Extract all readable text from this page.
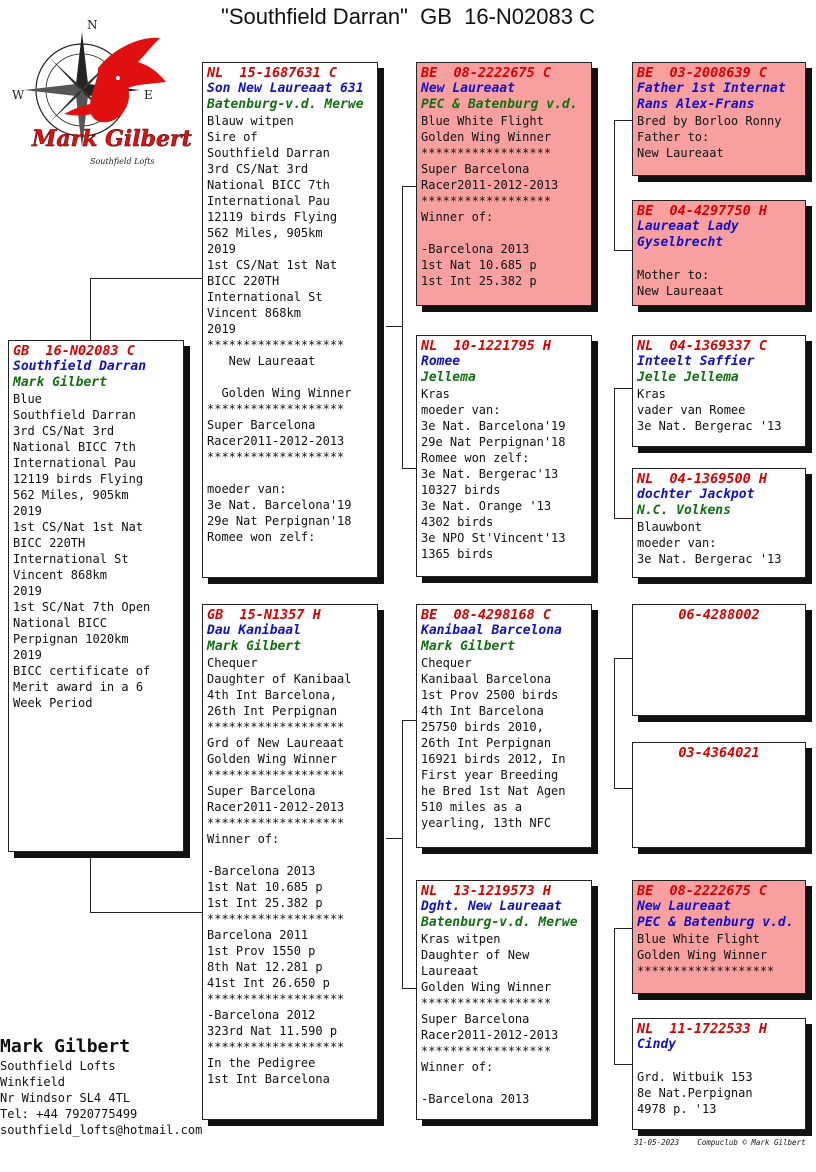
"Southfield Darran"  GB  16-N02083 C
N
W	E
Mark Gilbert
Southfield Lofts
GB  16-N02083 C
Southfield Darran
Mark Gilbert
Blue
Southfield Darran
3rd CS/Nat 3rd
National BICC 7th
International Pau
12119 birds Flying
562 Miles, 905km
2019
1st CS/Nat 1st Nat
BICC 220TH
International St
Vincent 868km
2019
1st SC/Nat 7th Open
National BICC
Perpignan 1020km
2019
BICC certificate of
Merit award in a 6
Week Period
NL  15-1687631 C
Son New Laureaat 631
Batenburg-v.d. Merwe
Blauw witpen
Sire of
Southfield Darran
3rd CS/Nat 3rd
National BICC 7th
International Pau
12119 birds Flying
562 Miles, 905km
2019
1st CS/Nat 1st Nat
BICC 220TH
International St
Vincent 868km
2019
*******************
New Laureaat
Golden Wing Winner
*******************
Super Barcelona
Racer2011-2012-2013
*******************
moeder van:
3e Nat. Barcelona'19
29e Nat Perpignan'18
Romee won zelf:
GB  15-N1357 H
Dau Kanibaal
Mark Gilbert
Chequer
Daughter of Kanibaal
4th Int Barcelona,
26th Int Perpignan
*******************
Grd of New Laureaat
Golden Wing Winner
*******************
Super Barcelona
Racer2011-2012-2013
*******************
Winner of:
-Barcelona 2013
1st Nat 10.685 p
1st Int 25.382 p
*******************
Barcelona 2011
1st Prov 1550 p
8th Nat 12.281 p
41st Int 26.650 p
*******************
-Barcelona 2012
323rd Nat 11.590 p
*******************
In the Pedigree
1st Int Barcelona
BE  08-2222675 C
New Laureaat
PEC & Batenburg v.d.
Blue White Flight
Golden Wing Winner
******************
Super Barcelona
Racer2011-2012-2013
******************
Winner of:
-Barcelona 2013
1st Nat 10.685 p
1st Int 25.382 p
NL  10-1221795 H
Romee
Jellema
Kras
moeder van:
3e Nat. Barcelona'19
29e Nat Perpignan'18
Romee won zelf:
3e Nat. Bergerac'13
10327 birds
3e Nat. Orange '13
4302 birds
3e NPO St'Vincent'13
1365 birds
BE  08-4298168 C
Kanibaal Barcelona
Mark Gilbert
Chequer
Kanibaal Barcelona
1st Prov 2500 birds
4th Int Barcelona
25750 birds 2010,
26th Int Perpignan
16921 birds 2012, In
First year Breeding
he Bred 1st Nat Agen
510 miles as a
yearling, 13th NFC
NL  13-1219573 H
Dght. New Laureaat
Batenburg-v.d. Merwe
Kras witpen
Daughter of New
Laureaat
Golden Wing Winner
******************
Super Barcelona
Racer2011-2012-2013
******************
Winner of:
-Barcelona 2013
BE  03-2008639 C
Father 1st Internat
Rans Alex-Frans
Bred by Borloo Ronny
Father to:
New Laureaat
BE  04-4297750 H
Laureaat Lady
Gyselbrecht
Mother to:
New Laureaat
NL  04-1369337 C
Inteelt Saffier
Jelle Jellema
Kras
vader van Romee
3e Nat. Bergerac '13
NL  04-1369500 H
dochter Jackpot
N.C. Volkens
Blauwbont
moeder van:
3e Nat. Bergerac '13
06-4288002
03-4364021
BE  08-2222675 C
New Laureaat
PEC & Batenburg v.d.
Blue White Flight
Golden Wing Winner
*******************
NL  11-1722533 H
Cindy
Grd. Witbuik 153
8e Nat.Perpignan
4978 p. '13
Mark Gilbert
Southfield Lofts
Winkfield
Nr Windsor SL4 4TL
Tel: +44 7920775499
southfield_lofts@hotmail.com
31-05-2023    Compuclub © Mark Gilbert
